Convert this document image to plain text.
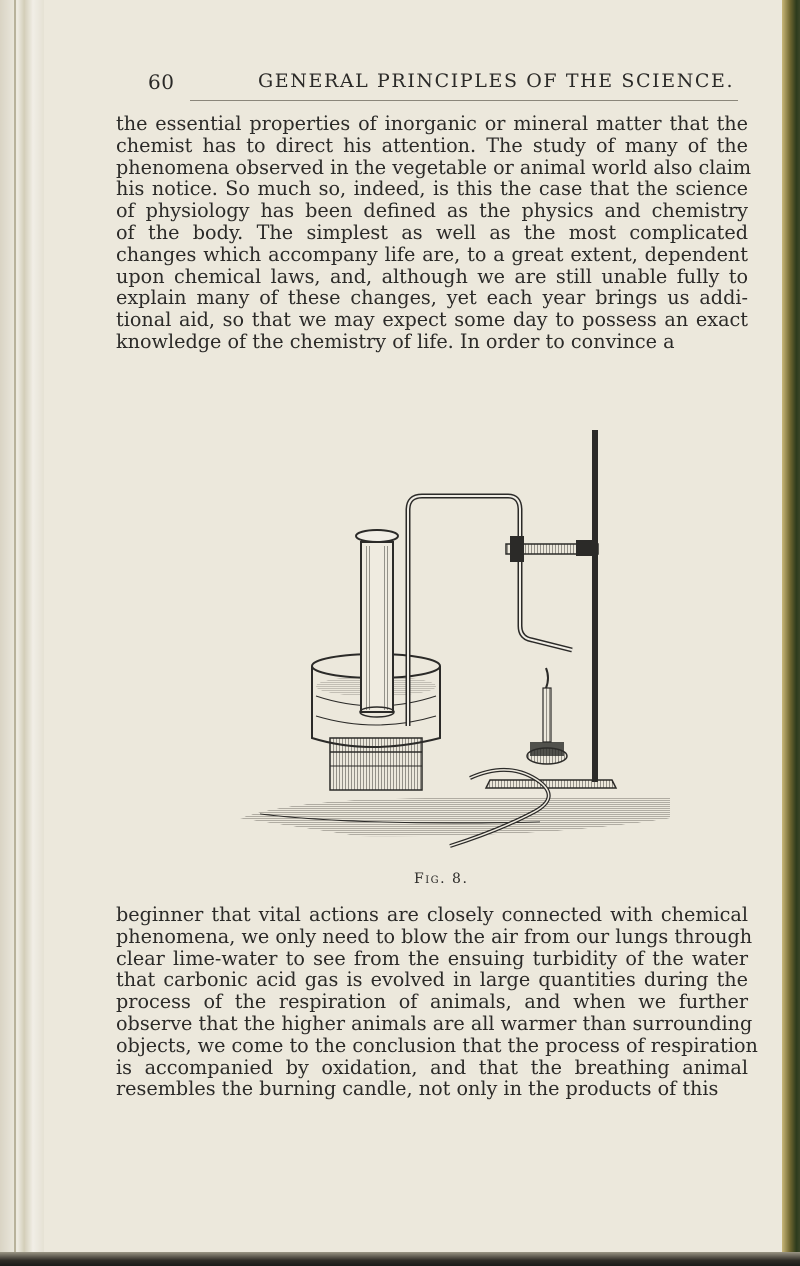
60	GENERAL PRINCIPLES OF THE SCIENCE.

the essential properties of inorganic or mineral matter that the
chemist has to direct his attention. The study of many of the
phenomena observed in the vegetable or animal world also claim
his notice. So much so, indeed, is this the case that the science
of physiology has been defined as the physics and chemistry
of the body. The simplest as well as the most complicated
changes which accompany life are, to a great extent, dependent
upon chemical laws, and, although we are still unable fully to
explain many of these changes, yet each year brings us addi-
tional aid, so that we may expect some day to possess an exact
knowledge of the chemistry of life. In order to convince a

Fig. 8.

beginner that vital actions are closely connected with chemical
phenomena, we only need to blow the air from our lungs through
clear lime-water to see from the ensuing turbidity of the water
that carbonic acid gas is evolved in large quantities during the
process of the respiration of animals, and when we further
observe that the higher animals are all warmer than surrounding
objects, we come to the conclusion that the process of respiration
is accompanied by oxidation, and that the breathing animal
resembles the burning candle, not only in the products of this
